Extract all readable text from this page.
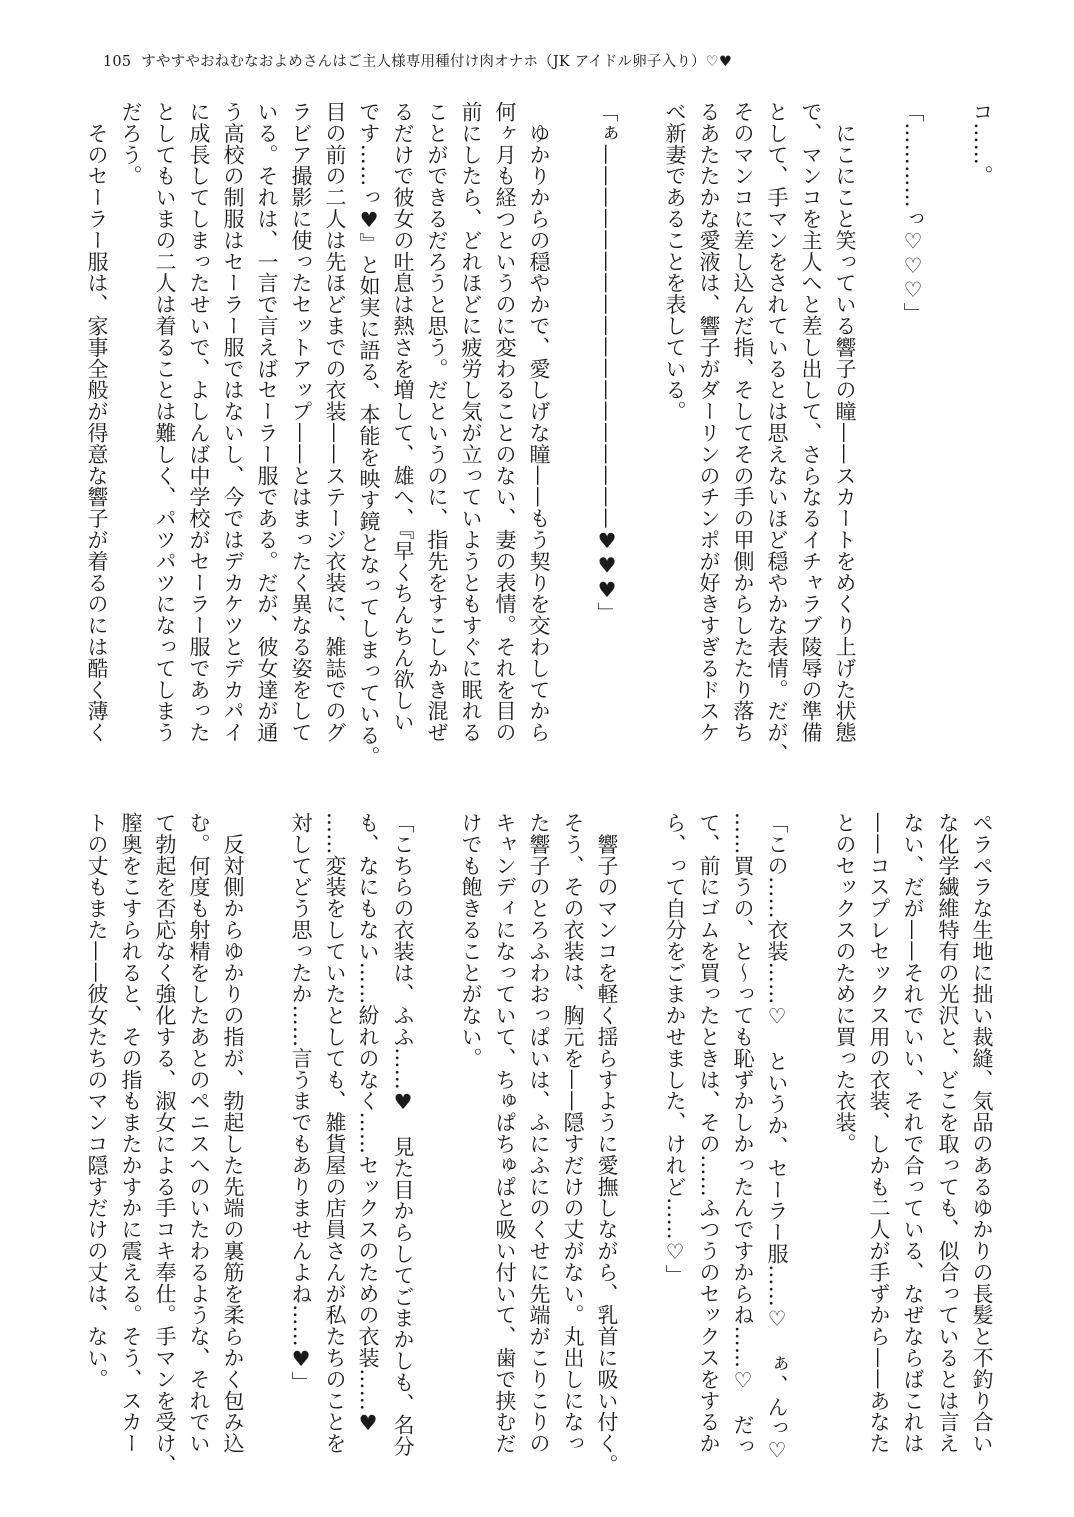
105 すやすやおねむなおよめさんはご主人様専用種付け肉オナホ（JK アイドル卵子入り）♡♥
コ……。
「…………っ♡♡♡」
　にこにこと笑っている響子の瞳——スカートをめくり上げた状態
で、マンコを主人へと差し出して、さらなるイチャラブ陵辱の準備
として、手マンをされているとは思えないほど穏やかな表情。だが、
そのマンコに差し込んだ指、そしてその手の甲側からしたたり落ち
るあたたかな愛液は、響子がダーリンのチンポが好きすぎるドスケ
べ新妻であることを表している。
「ぁ——————————————————♥♥♥」
　ゆかりからの穏やかで、愛しげな瞳——もう契りを交わしてから
何ヶ月も経つというのに変わることのない、妻の表情。それを目の
前にしたら、どれほどに疲労し気が立っていようともすぐに眠れる
ことができるだろうと思う。だというのに、指先をすこしかき混ぜ
るだけで彼女の吐息は熱さを増して、雄へ、『早くちんちん欲しい
です……っ♥』と如実に語る、本能を映す鏡となってしまっている。
目の前の二人は先ほどまでの衣装——ステージ衣装に、雑誌でのグ
ラビア撮影に使ったセットアップ——とはまったく異なる姿をして
いる。それは、一言で言えばセーラー服である。だが、彼女達が通
う高校の制服はセーラー服ではないし、今ではデカケツとデカパイ
に成長してしまったせいで、よしんば中学校がセーラー服であった
としてもいまの二人は着ることは難しく、パツパツになってしまう
だろう。
　そのセーラー服は、家事全般が得意な響子が着るのには酷く薄く
ペラペラな生地に拙い裁縫、気品のあるゆかりの長髪と不釣り合い
な化学繊維特有の光沢と、どこを取っても、似合っているとは言え
ない、だが——それでいい、それで合っている、なぜならばこれは
——コスプレセックス用の衣装、しかも二人が手ずから——あなた
とのセックスのために買った衣装。
「この……衣装……♡　というか、セーラー服……♡　ぁ、んっ♡
……買うの、と～っても恥ずかしかったんですからね……♡　だっ
て、前にゴムを買ったときは、その……ふつうのセックスをするか
ら、って自分をごまかせました、けれど……♡」
　響子のマンコを軽く揺らすように愛撫しながら、乳首に吸い付く。
そう、その衣装は、胸元を——隠すだけの丈がない。丸出しになっ
た響子のとろふわおっぱいは、ふにふにのくせに先端がこりこりの
キャンディになっていて、ちゅぱちゅぱと吸い付いて、歯で挟むだ
けでも飽きることがない。
「こちらの衣装は、ふふ……♥　見た目からしてごまかしも、名分
も、なにもない……紛れのなく……セックスのための衣装……♥
……変装をしていたとしても、雑貨屋の店員さんが私たちのことを
対してどう思ったか……言うまでもありませんよね……♥」
　反対側からゆかりの指が、勃起した先端の裏筋を柔らかく包み込
む。何度も射精をしたあとのペニスへのいたわるような、それでい
て勃起を否応なく強化する、淑女による手コキ奉仕。手マンを受け、
膣奥をこすられると、その指もまたかすかに震える。そう、スカー
トの丈もまた——彼女たちのマンコ隠すだけの丈は、ない。
